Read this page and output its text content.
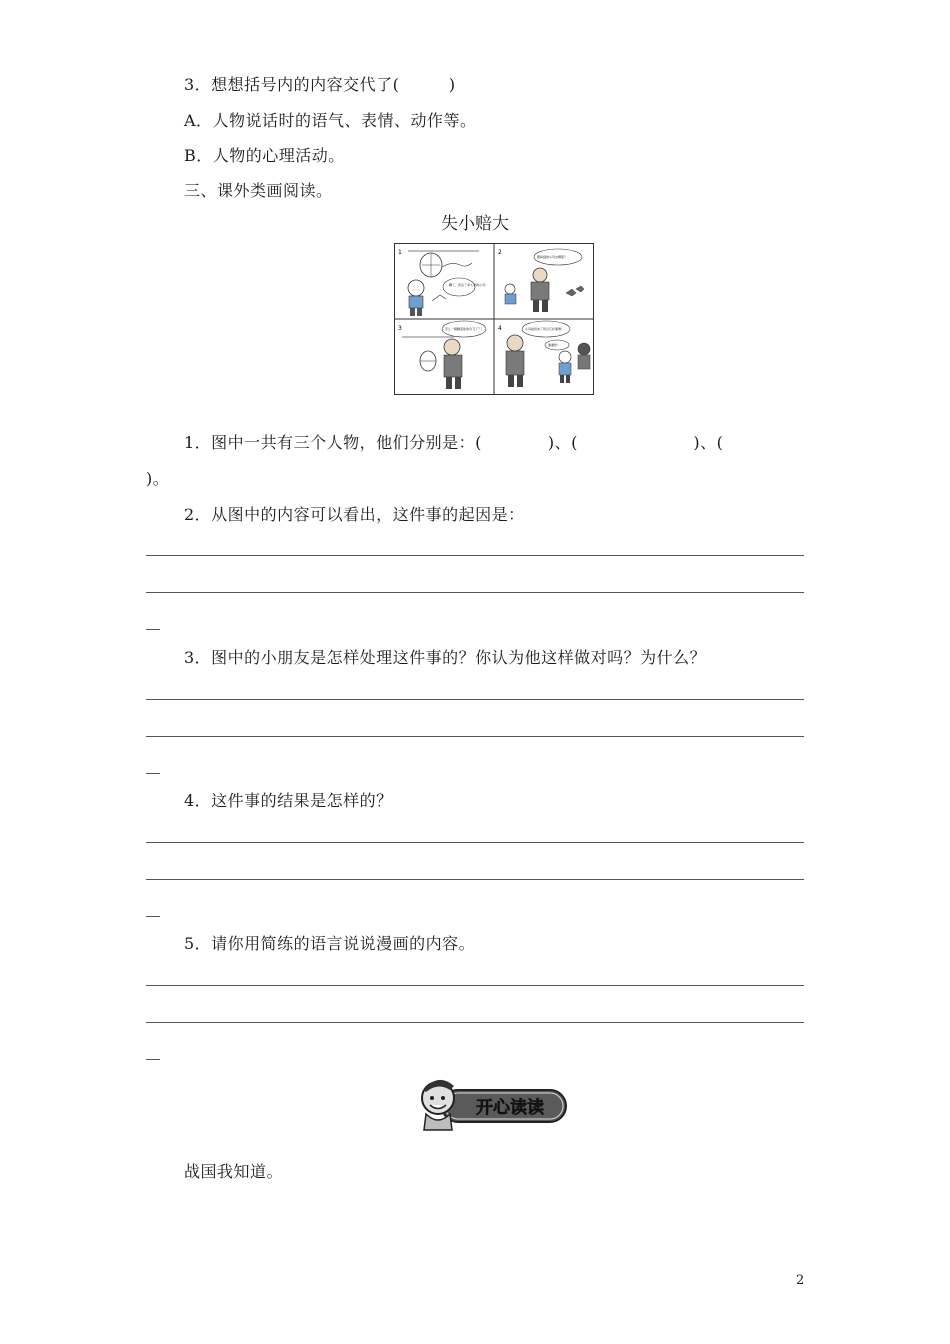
3．想想括号内的内容交代了(　　　)
A．人物说话时的语气、表情、动作等。
B．人物的心理活动。
三、课外类画阅读。
失小赔大
1
糟了，弄丢了李大爷的小鸟！
2
跟踪到的小鸟去哪里？
3	怎么一眼瞧着你的鸟飞了？！ 4	小鸟找回来了所以它好事情！
谢谢你！
1．图中一共有三个人物，他们分别是：(　　　　)、(　　　　　　　)、(
)。
2．从图中的内容可以看出，这件事的起因是：
3．图中的小朋友是怎样处理这件事的？你认为他这样做对吗？为什么？
4．这件事的结果是怎样的？
5．请你用简练的语言说说漫画的内容。
开心读读
战国我知道。
2
